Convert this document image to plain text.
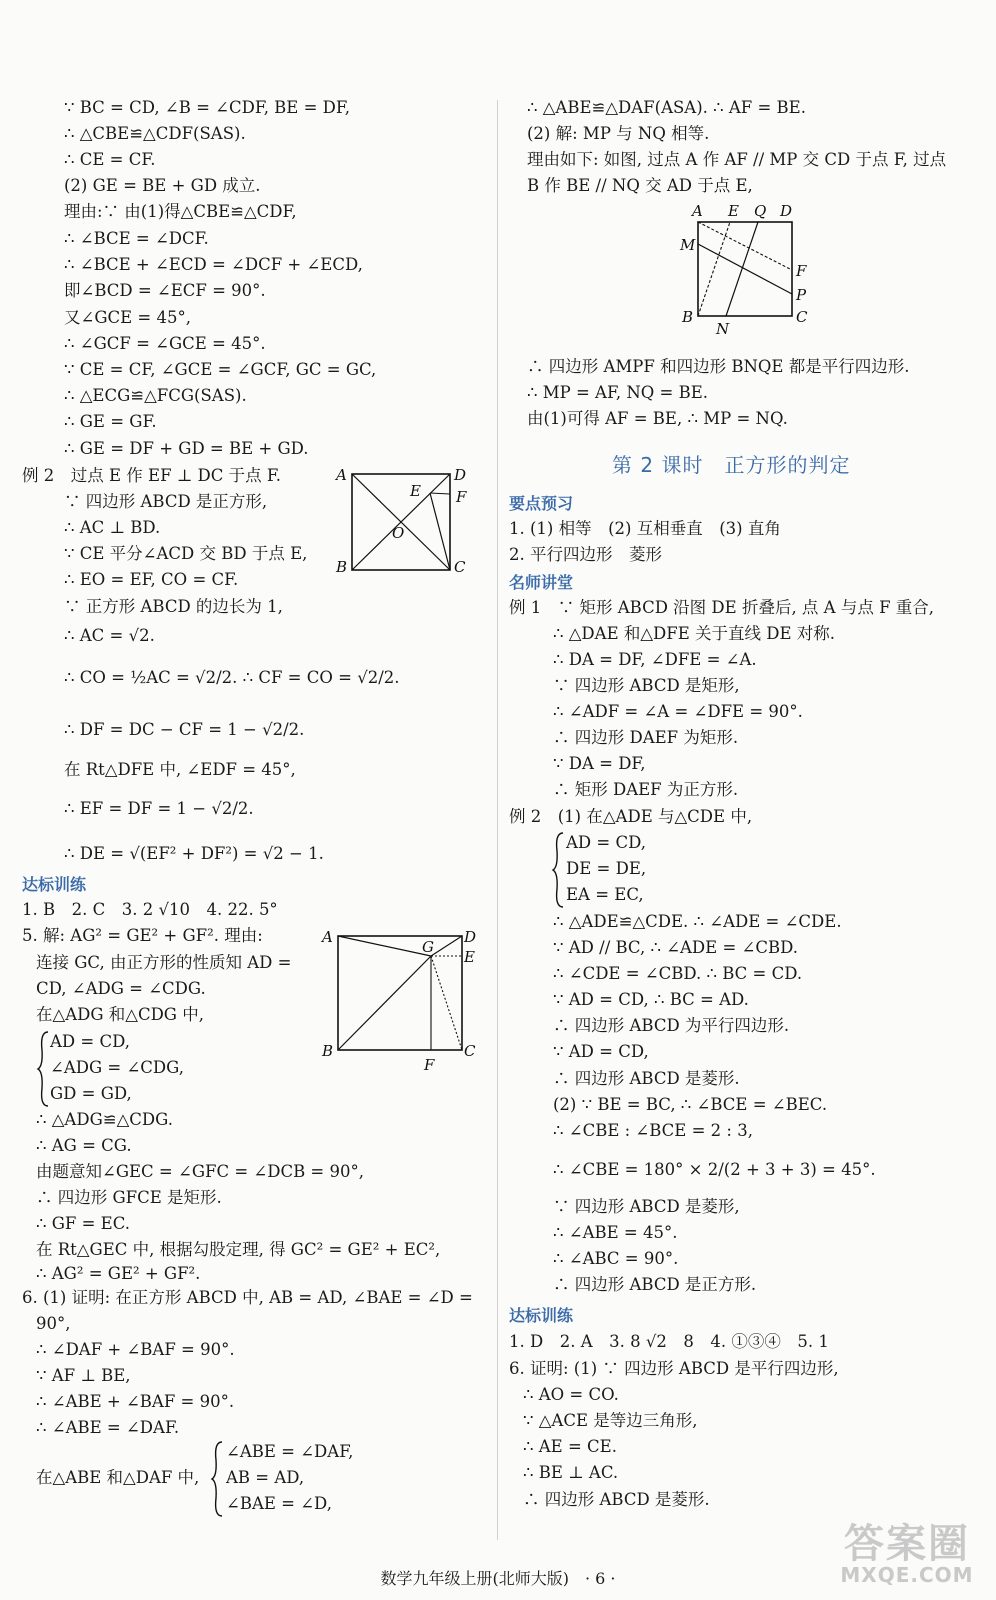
达标训练
第 2 课时　正方形的判定
要点预习
名师讲堂
达标训练
A
B	C
D
E F
O
A
B	C
D
E
F
G
A E Q D
M
F
P
B
N
C
数学九年级上册(北师大版)　· 6 ·
答案圈
MXQE.COM
∵ BC = CD, ∠B = ∠CDF, BE = DF,
∴ △CBE≌△CDF(SAS).
∴ CE = CF.
(2) GE = BE + GD 成立.
理由:∵ 由(1)得△CBE≌△CDF,
∴ ∠BCE = ∠DCF.
∴ ∠BCE + ∠ECD = ∠DCF + ∠ECD,
即∠BCD = ∠ECF = 90°.
又∠GCE = 45°,
∴ ∠GCF = ∠GCE = 45°.
∵ CE = CF, ∠GCE = ∠GCF, GC = GC,
∴ △ECG≌△FCG(SAS).
∴ GE = GF.
∴ GE = DF + GD = BE + GD.
例 2　过点 E 作 EF ⊥ DC 于点 F.
∵ 四边形 ABCD 是正方形,
∴ AC ⊥ BD.
∵ CE 平分∠ACD 交 BD 于点 E,
∴ EO = EF, CO = CF.
∵ 正方形 ABCD 的边长为 1,
∴ AC = √2.
∴ CO = ½AC = √2/2. ∴ CF = CO = √2/2.
∴ DF = DC − CF = 1 − √2/2.
在 Rt△DFE 中, ∠EDF = 45°,
∴ EF = DF = 1 − √2/2.
∴ DE = √(EF² + DF²) = √2 − 1.
1. B　2. C　3. 2 √10　4. 22. 5°
5. 解: AG² = GE² + GF². 理由:
连接 GC, 由正方形的性质知 AD =
CD, ∠ADG = ∠CDG.
在△ADG 和△CDG 中,
AD = CD,
∠ADG = ∠CDG,
GD = GD,
∴ △ADG≌△CDG.
∴ AG = CG.
由题意知∠GEC = ∠GFC = ∠DCB = 90°,
∴ 四边形 GFCE 是矩形.
∴ GF = EC.
在 Rt△GEC 中, 根据勾股定理, 得 GC² = GE² + EC²,
∴ AG² = GE² + GF².
6. (1) 证明: 在正方形 ABCD 中, AB = AD, ∠BAE = ∠D =
90°,
∴ ∠DAF + ∠BAF = 90°.
∵ AF ⊥ BE,
∴ ∠ABE + ∠BAF = 90°.
∴ ∠ABE = ∠DAF.
在△ABE 和△DAF 中,
∠ABE = ∠DAF,
AB = AD,
∠BAE = ∠D,
∴ △ABE≌△DAF(ASA). ∴ AF = BE.
(2) 解: MP 与 NQ 相等.
理由如下: 如图, 过点 A 作 AF // MP 交 CD 于点 F, 过点
B 作 BE // NQ 交 AD 于点 E,
∴ 四边形 AMPF 和四边形 BNQE 都是平行四边形.
∴ MP = AF, NQ = BE.
由(1)可得 AF = BE, ∴ MP = NQ.
1. (1) 相等　(2) 互相垂直　(3) 直角
2. 平行四边形　菱形
例 1　∵ 矩形 ABCD 沿图 DE 折叠后, 点 A 与点 F 重合,
∴ △DAE 和△DFE 关于直线 DE 对称.
∴ DA = DF, ∠DFE = ∠A.
∵ 四边形 ABCD 是矩形,
∴ ∠ADF = ∠A = ∠DFE = 90°.
∴ 四边形 DAEF 为矩形.
∵ DA = DF,
∴ 矩形 DAEF 为正方形.
例 2　(1) 在△ADE 与△CDE 中,
AD = CD,
DE = DE,
EA = EC,
∴ △ADE≌△CDE. ∴ ∠ADE = ∠CDE.
∵ AD // BC, ∴ ∠ADE = ∠CBD.
∴ ∠CDE = ∠CBD. ∴ BC = CD.
∵ AD = CD, ∴ BC = AD.
∴ 四边形 ABCD 为平行四边形.
∵ AD = CD,
∴ 四边形 ABCD 是菱形.
(2) ∵ BE = BC, ∴ ∠BCE = ∠BEC.
∴ ∠CBE : ∠BCE = 2 : 3,
∴ ∠CBE = 180° × 2/(2 + 3 + 3) = 45°.
∵ 四边形 ABCD 是菱形,
∴ ∠ABE = 45°.
∴ ∠ABC = 90°.
∴ 四边形 ABCD 是正方形.
1. D　2. A　3. 8 √2　8　4. ①③④　5. 1
6. 证明: (1) ∵ 四边形 ABCD 是平行四边形,
∴ AO = CO.
∵ △ACE 是等边三角形,
∴ AE = CE.
∴ BE ⊥ AC.
∴ 四边形 ABCD 是菱形.
